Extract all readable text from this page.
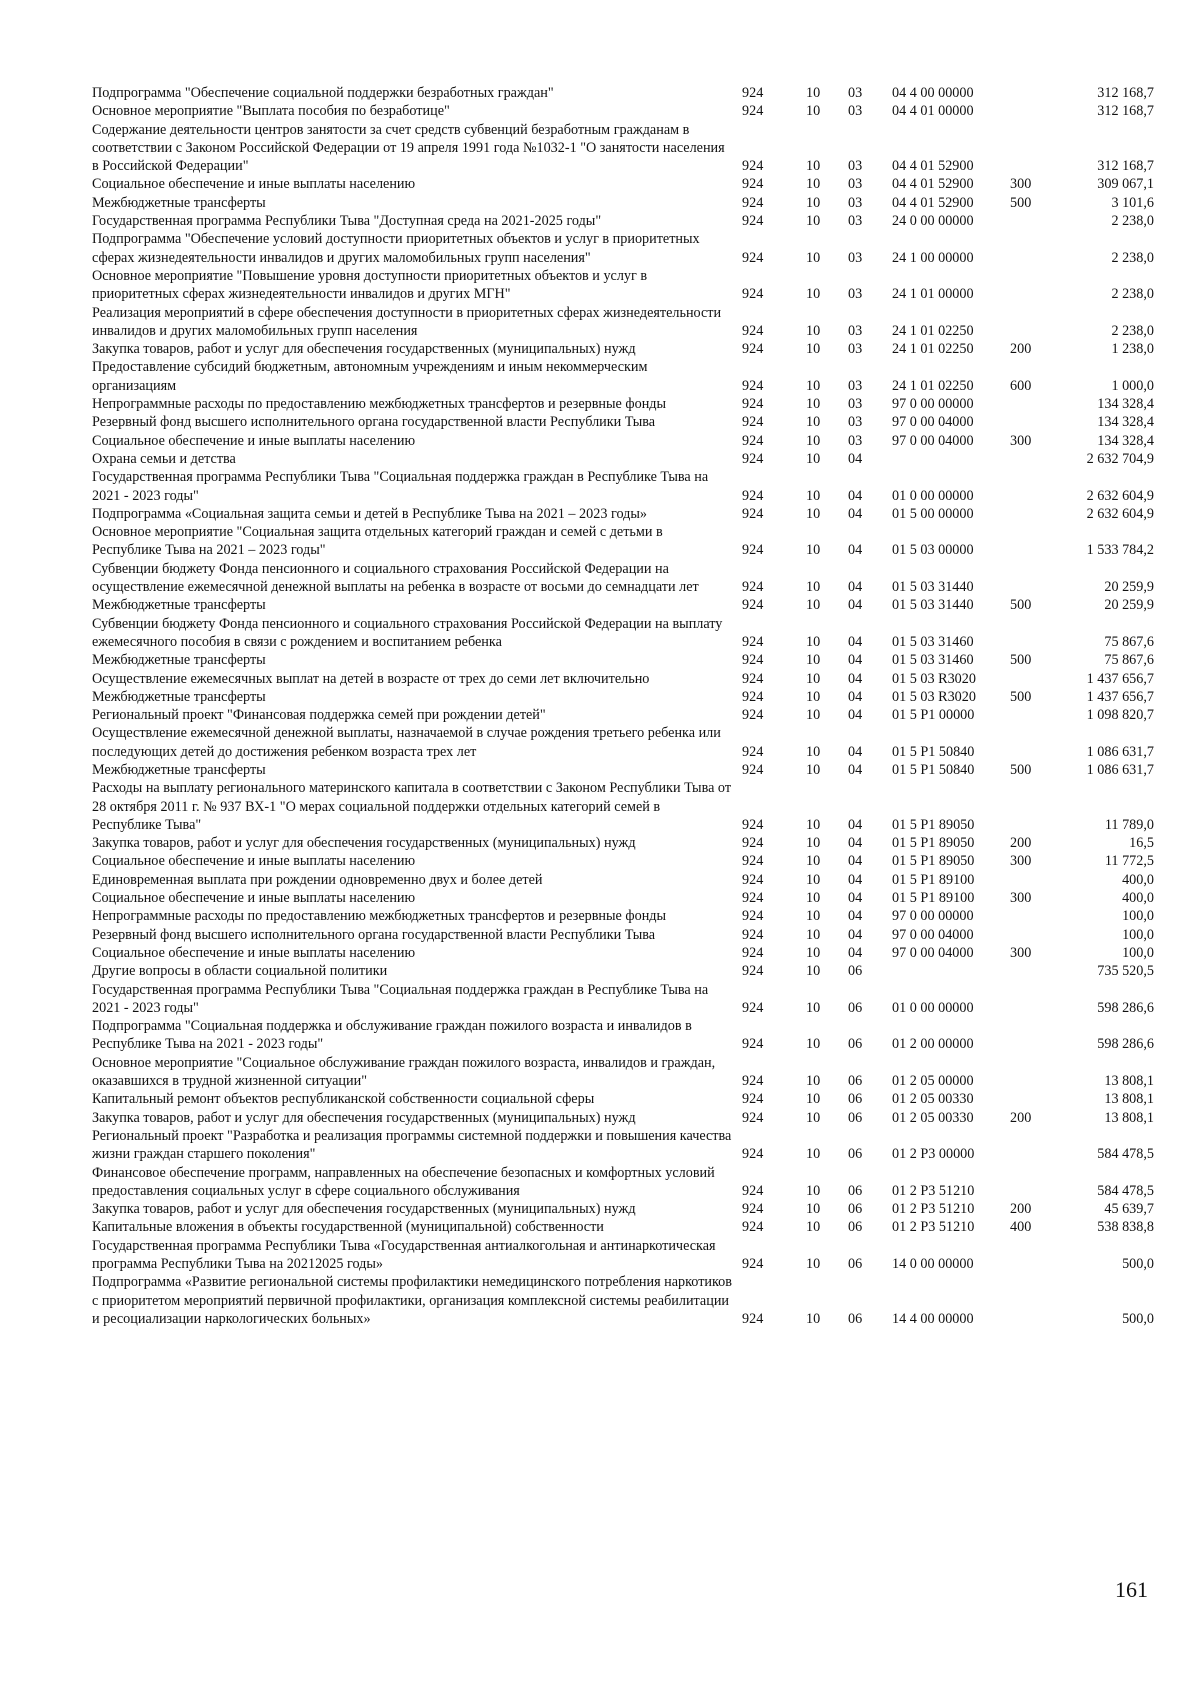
Подпрограмма "Обеспечение социальной поддержки безработных граждан"	924	10	03	04 4 00 00000		312 168,7
Основное мероприятие "Выплата пособия по безработице"	924	10	03	04 4 01 00000		312 168,7
Содержание деятельности центров занятости за счет средств субвенций безработным гражданам в соответствии с Законом Российской Федерации от 19 апреля 1991 года №1032-1 "О занятости населения в Российской Федерации"	924	10	03	04 4 01 52900		312 168,7
Социальное обеспечение и иные выплаты населению	924	10	03	04 4 01 52900	300	309 067,1
Межбюджетные трансферты	924	10	03	04 4 01 52900	500	3 101,6
Государственная программа Республики Тыва "Доступная среда на 2021-2025 годы"	924	10	03	24 0 00 00000		2 238,0
Подпрограмма "Обеспечение условий доступности приоритетных объектов и услуг в приоритетных сферах жизнедеятельности инвалидов и других маломобильных групп населения"	924	10	03	24 1 00 00000		2 238,0
Основное мероприятие "Повышение уровня доступности приоритетных объектов и услуг в приоритетных сферах жизнедеятельности инвалидов и других МГН"	924	10	03	24 1 01 00000		2 238,0
Реализация мероприятий в сфере обеспечения доступности в приоритетных сферах жизнедеятельности инвалидов и других маломобильных групп населения	924	10	03	24 1 01 02250		2 238,0
Закупка товаров, работ и услуг для обеспечения государственных (муниципальных) нужд	924	10	03	24 1 01 02250	200	1 238,0
Предоставление субсидий бюджетным, автономным учреждениям и иным некоммерческим организациям	924	10	03	24 1 01 02250	600	1 000,0
Непрограммные расходы по предоставлению межбюджетных трансфертов и резервные фонды	924	10	03	97 0 00 00000		134 328,4
Резервный фонд высшего исполнительного органа государственной власти Республики Тыва	924	10	03	97 0 00 04000		134 328,4
Социальное обеспечение и иные выплаты населению	924	10	03	97 0 00 04000	300	134 328,4
Охрана семьи и детства	924	10	04			2 632 704,9
Государственная программа Республики Тыва "Социальная поддержка граждан в Республике Тыва на 2021 - 2023 годы"	924	10	04	01 0 00 00000		2 632 604,9
Подпрограмма «Социальная защита семьи и детей в Республике Тыва на 2021 – 2023 годы»	924	10	04	01 5 00 00000		2 632 604,9
Основное мероприятие "Социальная защита отдельных категорий граждан и семей с детьми в Республике Тыва на 2021 – 2023 годы"	924	10	04	01 5 03 00000		1 533 784,2
Субвенции бюджету Фонда пенсионного и социального страхования Российской Федерации на осуществление ежемесячной денежной выплаты на ребенка в возрасте от восьми до семнадцати лет	924	10	04	01 5 03 31440		20 259,9
Межбюджетные трансферты	924	10	04	01 5 03 31440	500	20 259,9
Субвенции бюджету Фонда пенсионного и социального страхования Российской Федерации на выплату ежемесячного пособия в связи с рождением и воспитанием ребенка	924	10	04	01 5 03 31460		75 867,6
Межбюджетные трансферты	924	10	04	01 5 03 31460	500	75 867,6
Осуществление ежемесячных выплат на детей в возрасте от трех до семи лет включительно	924	10	04	01 5 03 R3020		1 437 656,7
Межбюджетные трансферты	924	10	04	01 5 03 R3020	500	1 437 656,7
Региональный проект "Финансовая поддержка семей при рождении детей"	924	10	04	01 5 P1 00000		1 098 820,7
Осуществление ежемесячной денежной выплаты, назначаемой в случае рождения третьего ребенка или последующих детей до достижения ребенком возраста трех лет	924	10	04	01 5 P1 50840		1 086 631,7
Межбюджетные трансферты	924	10	04	01 5 P1 50840	500	1 086 631,7
Расходы на выплату регионального материнского капитала в соответствии с Законом Республики Тыва от 28 октября 2011 г. № 937 ВХ-1 "О мерах социальной поддержки отдельных категорий семей в Республике Тыва"	924	10	04	01 5 P1 89050		11 789,0
Закупка товаров, работ и услуг для обеспечения государственных (муниципальных) нужд	924	10	04	01 5 P1 89050	200	16,5
Социальное обеспечение и иные выплаты населению	924	10	04	01 5 P1 89050	300	11 772,5
Единовременная выплата при рождении одновременно двух и более детей	924	10	04	01 5 P1 89100		400,0
Социальное обеспечение и иные выплаты населению	924	10	04	01 5 P1 89100	300	400,0
Непрограммные расходы по предоставлению межбюджетных трансфертов и резервные фонды	924	10	04	97 0 00 00000		100,0
Резервный фонд высшего исполнительного органа государственной власти Республики Тыва	924	10	04	97 0 00 04000		100,0
Социальное обеспечение и иные выплаты населению	924	10	04	97 0 00 04000	300	100,0
Другие вопросы в области социальной политики	924	10	06			735 520,5
Государственная программа Республики Тыва "Социальная поддержка граждан в Республике Тыва на 2021 - 2023 годы"	924	10	06	01 0 00 00000		598 286,6
Подпрограмма "Социальная поддержка и обслуживание граждан пожилого возраста и инвалидов в Республике Тыва на 2021 - 2023 годы"	924	10	06	01 2 00 00000		598 286,6
Основное мероприятие "Социальное обслуживание граждан пожилого возраста, инвалидов и граждан, оказавшихся в трудной жизненной ситуации"	924	10	06	01 2 05 00000		13 808,1
Капитальный ремонт объектов республиканской собственности социальной сферы	924	10	06	01 2 05 00330		13 808,1
Закупка товаров, работ и услуг для обеспечения государственных (муниципальных) нужд	924	10	06	01 2 05 00330	200	13 808,1
Региональный проект "Разработка и реализация программы системной поддержки и повышения качества жизни граждан старшего поколения"	924	10	06	01 2 P3 00000		584 478,5
Финансовое обеспечение программ, направленных на обеспечение безопасных и комфортных условий предоставления социальных услуг в сфере социального обслуживания	924	10	06	01 2 P3 51210		584 478,5
Закупка товаров, работ и услуг для обеспечения государственных (муниципальных) нужд	924	10	06	01 2 P3 51210	200	45 639,7
Капитальные вложения в объекты государственной (муниципальной) собственности	924	10	06	01 2 P3 51210	400	538 838,8
Государственная программа Республики Тыва «Государственная антиалкогольная и антинаркотическая программа Республики Тыва на 20212025 годы»	924	10	06	14 0 00 00000		500,0
Подпрограмма «Развитие региональной системы профилактики немедицинского потребления наркотиков с приоритетом мероприятий первичной профилактики, организация комплексной системы реабилитации и ресоциализации наркологических больных»	924	10	06	14 4 00 00000		500,0
161
